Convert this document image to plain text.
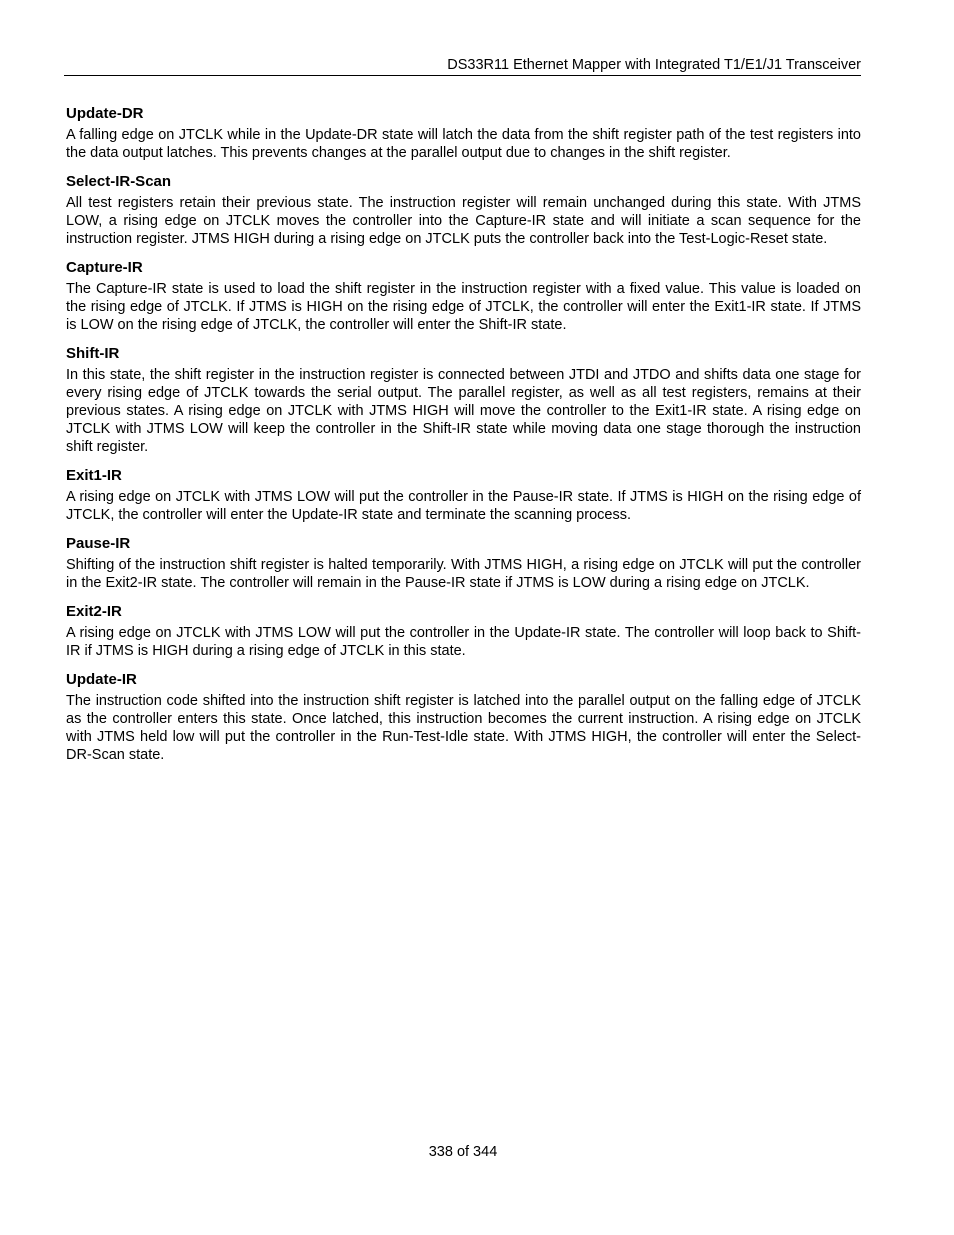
DS33R11 Ethernet Mapper with Integrated T1/E1/J1 Transceiver
Update-DR

A falling edge on JTCLK while in the Update-DR state will latch the data from the shift register path of the test registers into the data output latches. This prevents changes at the parallel output due to changes in the shift register.

Select-IR-Scan

All test registers retain their previous state. The instruction register will remain unchanged during this state. With JTMS LOW, a rising edge on JTCLK moves the controller into the Capture-IR state and will initiate a scan sequence for the instruction register. JTMS HIGH during a rising edge on JTCLK puts the controller back into the Test-Logic-Reset state.

Capture-IR

The Capture-IR state is used to load the shift register in the instruction register with a fixed value. This value is loaded on the rising edge of JTCLK. If JTMS is HIGH on the rising edge of JTCLK, the controller will enter the Exit1-IR state. If JTMS is LOW on the rising edge of JTCLK, the controller will enter the Shift-IR state.

Shift-IR

In this state, the shift register in the instruction register is connected between JTDI and JTDO and shifts data one stage for every rising edge of JTCLK towards the serial output. The parallel register, as well as all test registers, remains at their previous states. A rising edge on JTCLK with JTMS HIGH will move the controller to the Exit1-IR state. A rising edge on JTCLK with JTMS LOW will keep the controller in the Shift-IR state while moving data one stage thorough the instruction shift register.

Exit1-IR

A rising edge on JTCLK with JTMS LOW will put the controller in the Pause-IR state. If JTMS is HIGH on the rising edge of JTCLK, the controller will enter the Update-IR state and terminate the scanning process.

Pause-IR

Shifting of the instruction shift register is halted temporarily. With JTMS HIGH, a rising edge on JTCLK will put the controller in the Exit2-IR state. The controller will remain in the Pause-IR state if JTMS is LOW during a rising edge on JTCLK.

Exit2-IR

A rising edge on JTCLK with JTMS LOW will put the controller in the Update-IR state. The controller will loop back to Shift-IR if JTMS is HIGH during a rising edge of JTCLK in this state.

Update-IR

The instruction code shifted into the instruction shift register is latched into the parallel output on the falling edge of JTCLK as the controller enters this state. Once latched, this instruction becomes the current instruction. A rising edge on JTCLK with JTMS held low will put the controller in the Run-Test-Idle state. With JTMS HIGH, the controller will enter the Select-DR-Scan state.

338 of 344
